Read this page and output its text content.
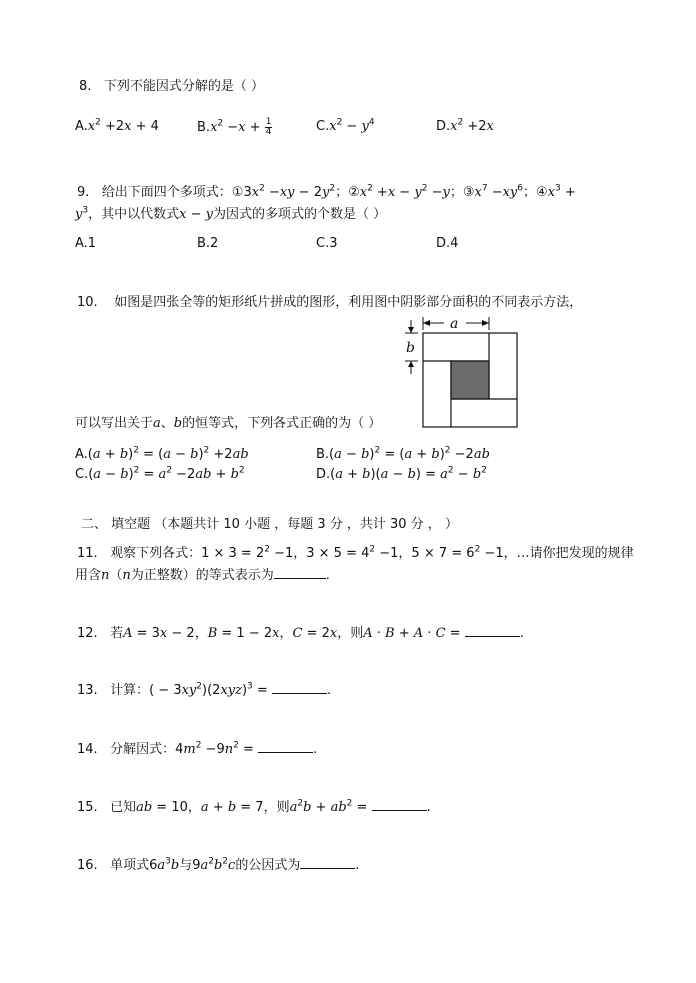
8. 下列不能因式分解的是（ ）
$A.x^2 +2x + 4$	$B.x^2 -x + \frac{1}{4}$	$C.x^2 - y^4$	$D.x^2 +2x$
9.   给出下面四个多项式：$①3x^2 -xy - 2y^2$；$②x^2 +x - y^2 -y$；$③x^7 -xy^6$；$④x^3$ +
$y^3$，其中以代数式x − y为因式的多项式的个数是（ ）
A.1	B.2	C.3	D.4
10. 如图是四张全等的矩形纸片拼成的图形，利用图中阴影部分面积的不同表示方法，
a
b
可以写出关于a、b的恒等式，下列各式正确的为（ ）
$A.(a + b)^2 = (a - b)^2 +2ab$	$B.(a - b)^2 = (a + b)^2 -2ab$
$C.(a - b)^2 = a^2 -2ab + b^2$	$D.(a + b)(a - b) = a^2 - b^2$
二、 填空题 （本题共计 10 小题 ，每题 3 分 ，共计 30 分 ， ）
11.   观察下列各式：$1 \times 3 = 2^2 -1$，$3 \times 5 = 4^2 -1$，$5 \times 7 = 6^2 -1$，…请你把发现的规律
用含n（n为正整数）的等式表示为	.
12.   若A = 3x − 2，B = 1 − 2x，C = 2x，则A · B + A · C =	.
13.   计算：( − $3xy^2)(2xyz)^3$ =	.
14.   分解因式：$4m^2 -9n^2$ =	.
15.   已知ab = 10，a + b = 7，则$a^2b + ab^2$ =	.
16.   单项式$6a^3b$与$9a^2b^2c$的公因式为	.
